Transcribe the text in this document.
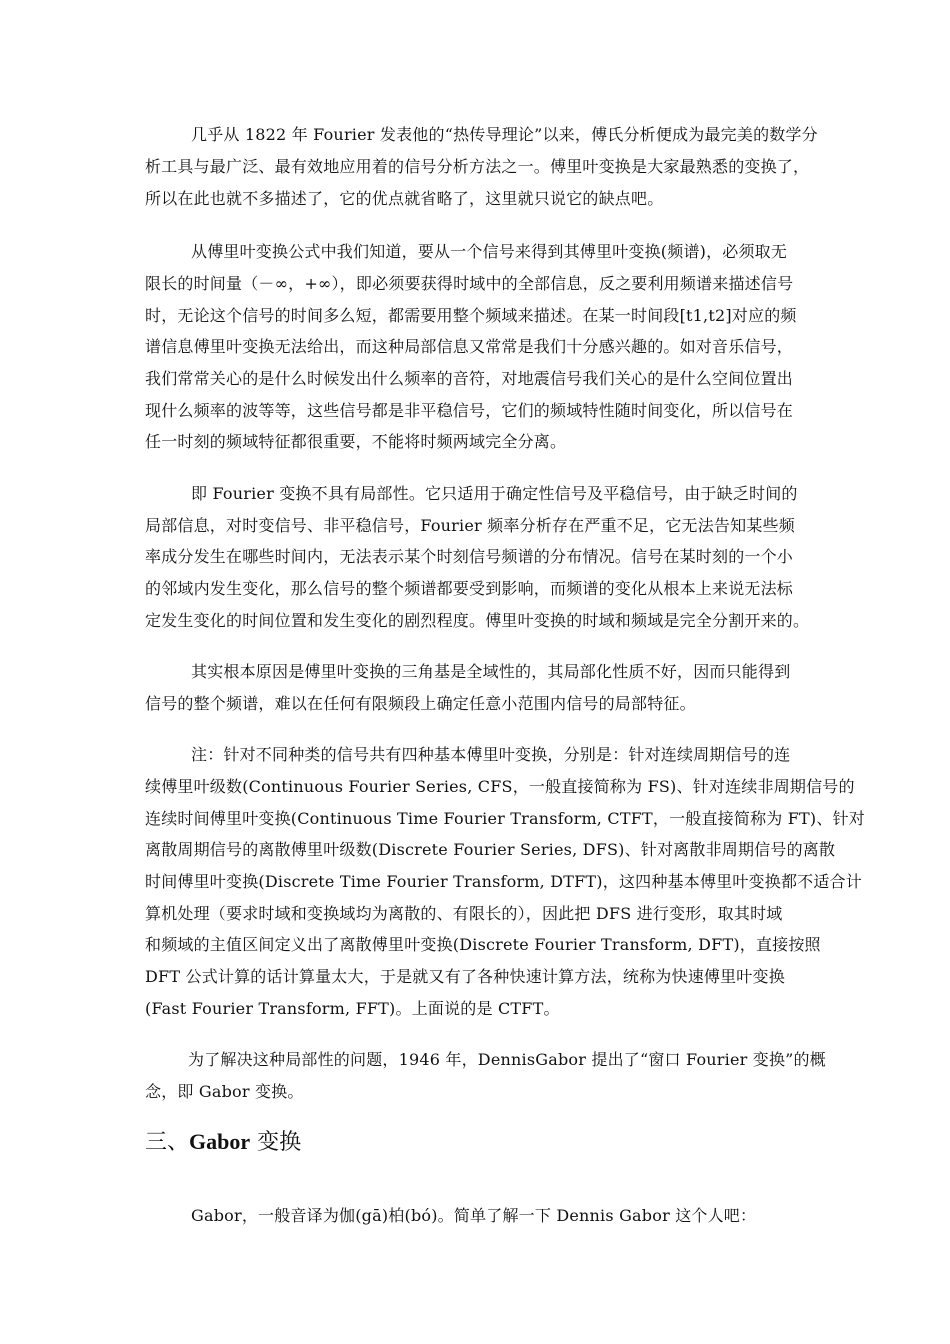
几乎从 1822 年 Fourier 发表他的“热传导理论”以来，傅氏分析便成为最完美的数学分
析工具与最广泛、最有效地应用着的信号分析方法之一。傅里叶变换是大家最熟悉的变换了，
所以在此也就不多描述了，它的优点就省略了，这里就只说它的缺点吧。
从傅里叶变换公式中我们知道，要从一个信号来得到其傅里叶变换(频谱)，必须取无
限长的时间量（－∞，+∞），即必须要获得时域中的全部信息，反之要利用频谱来描述信号
时，无论这个信号的时间多么短，都需要用整个频域来描述。在某一时间段[t1,t2]对应的频
谱信息傅里叶变换无法给出，而这种局部信息又常常是我们十分感兴趣的。如对音乐信号，
我们常常关心的是什么时候发出什么频率的音符，对地震信号我们关心的是什么空间位置出
现什么频率的波等等，这些信号都是非平稳信号，它们的频域特性随时间变化，所以信号在
任一时刻的频域特征都很重要，不能将时频两域完全分离。
即 Fourier 变换不具有局部性。它只适用于确定性信号及平稳信号，由于缺乏时间的
局部信息，对时变信号、非平稳信号，Fourier 频率分析存在严重不足，它无法告知某些频
率成分发生在哪些时间内，无法表示某个时刻信号频谱的分布情况。信号在某时刻的一个小
的邻域内发生变化，那么信号的整个频谱都要受到影响，而频谱的变化从根本上来说无法标
定发生变化的时间位置和发生变化的剧烈程度。傅里叶变换的时域和频域是完全分割开来的。
其实根本原因是傅里叶变换的三角基是全域性的，其局部化性质不好，因而只能得到
信号的整个频谱，难以在任何有限频段上确定任意小范围内信号的局部特征。
注：针对不同种类的信号共有四种基本傅里叶变换，分别是：针对连续周期信号的连
续傅里叶级数(Continuous Fourier Series, CFS，一般直接简称为 FS)、针对连续非周期信号的
连续时间傅里叶变换(Continuous Time Fourier Transform, CTFT，一般直接简称为 FT)、针对
离散周期信号的离散傅里叶级数(Discrete Fourier Series, DFS)、针对离散非周期信号的离散
时间傅里叶变换(Discrete Time Fourier Transform, DTFT)，这四种基本傅里叶变换都不适合计
算机处理（要求时域和变换域均为离散的、有限长的），因此把 DFS 进行变形，取其时域
和频域的主值区间定义出了离散傅里叶变换(Discrete Fourier Transform, DFT)，直接按照
DFT 公式计算的话计算量太大，于是就又有了各种快速计算方法，统称为快速傅里叶变换
(Fast Fourier Transform, FFT)。上面说的是 CTFT。
为了解决这种局部性的问题，1946 年，DennisGabor 提出了“窗口 Fourier 变换”的概
念，即 Gabor 变换。
三、Gabor 变换
Gabor，一般音译为伽(gā)柏(bó)。简单了解一下 Dennis Gabor 这个人吧：
